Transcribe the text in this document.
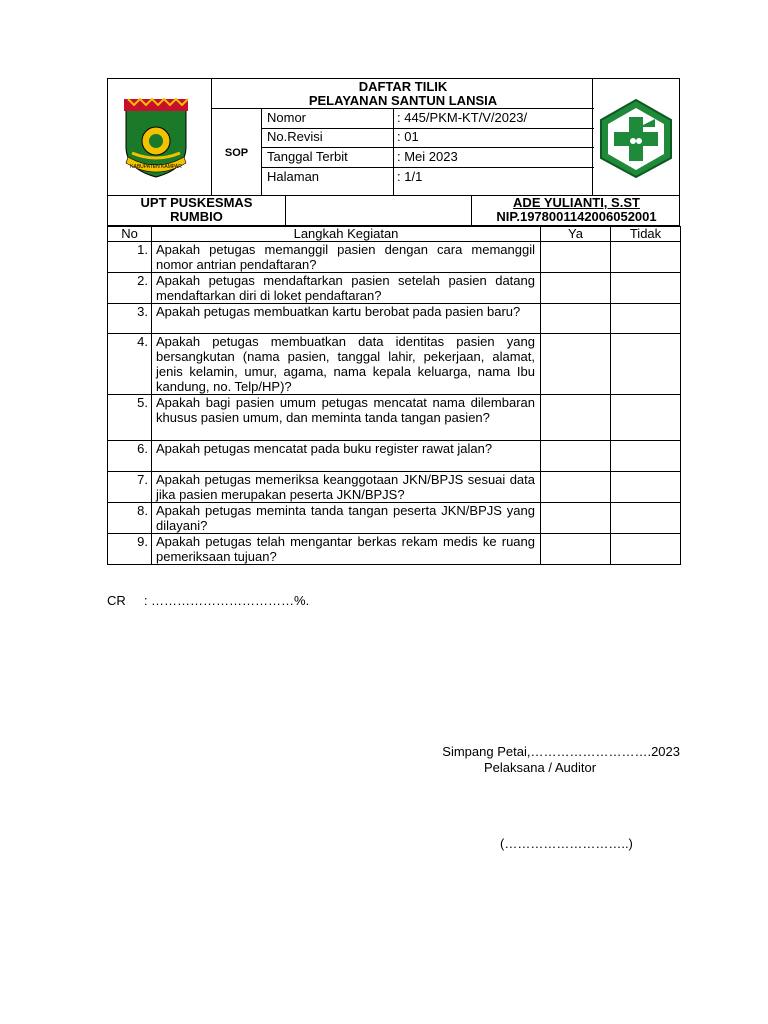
KABUPATEN KAMPAR
DAFTAR TILIK
PELAYANAN SANTUN LANSIA
SOP
Nomor	: 445/PKM-KT/V/2023/
No.Revisi	: 01
Tanggal Terbit	: Mei 2023
Halaman	: 1/1
UPT PUSKESMAS
RUMBIO
ADE YULIANTI, S.ST
NIP.1978001142006052001
No	Langkah Kegiatan	Ya	Tidak
1.	Apakah petugas memanggil pasien dengan cara memanggil nomor antrian pendaftaran?		
2.	Apakah petugas mendaftarkan pasien setelah pasien datang mendaftarkan diri di loket pendaftaran?		
3.	Apakah petugas membuatkan kartu berobat pada pasien baru?		
4.	Apakah petugas membuatkan data identitas pasien yang bersangkutan (nama pasien, tanggal lahir, pekerjaan, alamat, jenis kelamin, umur, agama, nama kepala keluarga, nama Ibu kandung, no. Telp/HP)?		
5.	Apakah bagi pasien umum petugas mencatat nama dilembaran khusus pasien umum, dan meminta tanda tangan pasien?		
6.	Apakah petugas mencatat pada buku register rawat jalan?		
7.	Apakah petugas memeriksa keanggotaan JKN/BPJS sesuai data jika pasien merupakan peserta JKN/BPJS?		
8.	Apakah petugas meminta tanda tangan peserta JKN/BPJS yang dilayani?		
9.	Apakah petugas telah mengantar berkas rekam medis ke ruang pemeriksaan tujuan?		
CR     : ……………………………%.
Simpang Petai,……………………….2023
Pelaksana / Auditor
(………………………..)
